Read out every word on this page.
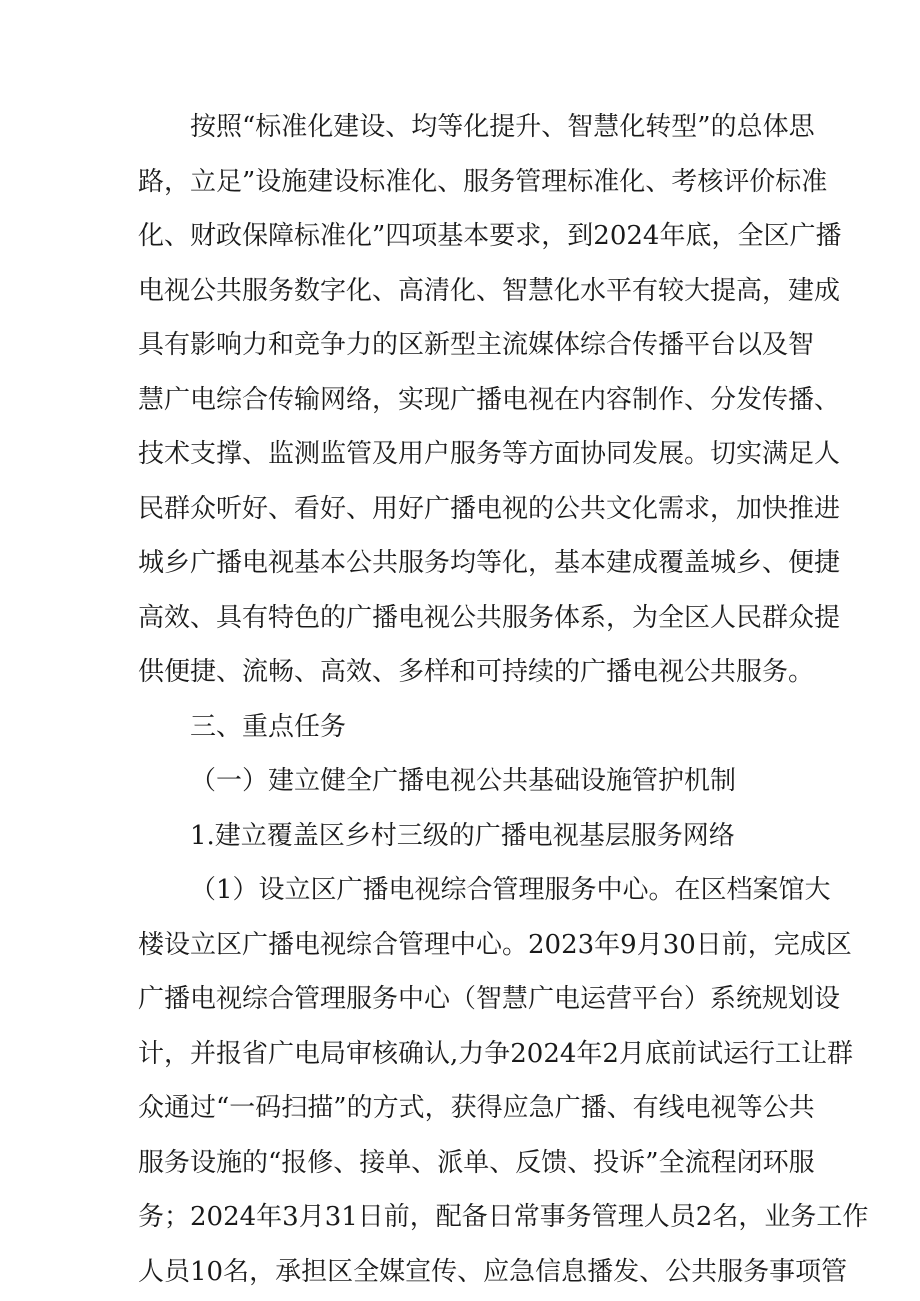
按照“标准化建设、均等化提升、智慧化转型”的总体思
路，立足”设施建设标准化、服务管理标准化、考核评价标准
化、财政保障标准化”四项基本要求，到2024年底，全区广播
电视公共服务数字化、高清化、智慧化水平有较大提高，建成
具有影响力和竞争力的区新型主流媒体综合传播平台以及智
慧广电综合传输网络，实现广播电视在内容制作、分发传播、
技术支撑、监测监管及用户服务等方面协同发展。切实满足人
民群众听好、看好、用好广播电视的公共文化需求，加快推进
城乡广播电视基本公共服务均等化，基本建成覆盖城乡、便捷
高效、具有特色的广播电视公共服务体系，为全区人民群众提
供便捷、流畅、高效、多样和可持续的广播电视公共服务。
三、重点任务
（一）建立健全广播电视公共基础设施管护机制
1.建立覆盖区乡村三级的广播电视基层服务网络
（1）设立区广播电视综合管理服务中心。在区档案馆大
楼设立区广播电视综合管理中心。2023年9月30日前，完成区
广播电视综合管理服务中心（智慧广电运营平台）系统规划设
计，并报省广电局审核确认,力争2024年2月底前试运行工让群
众通过“一码扫描”的方式，获得应急广播、有线电视等公共
服务设施的“报修、接单、派单、反馈、投诉”全流程闭环服
务；2024年3月31日前，配备日常事务管理人员2名，业务工作
人员10名，承担区全媒宣传、应急信息播发、公共服务事项管
